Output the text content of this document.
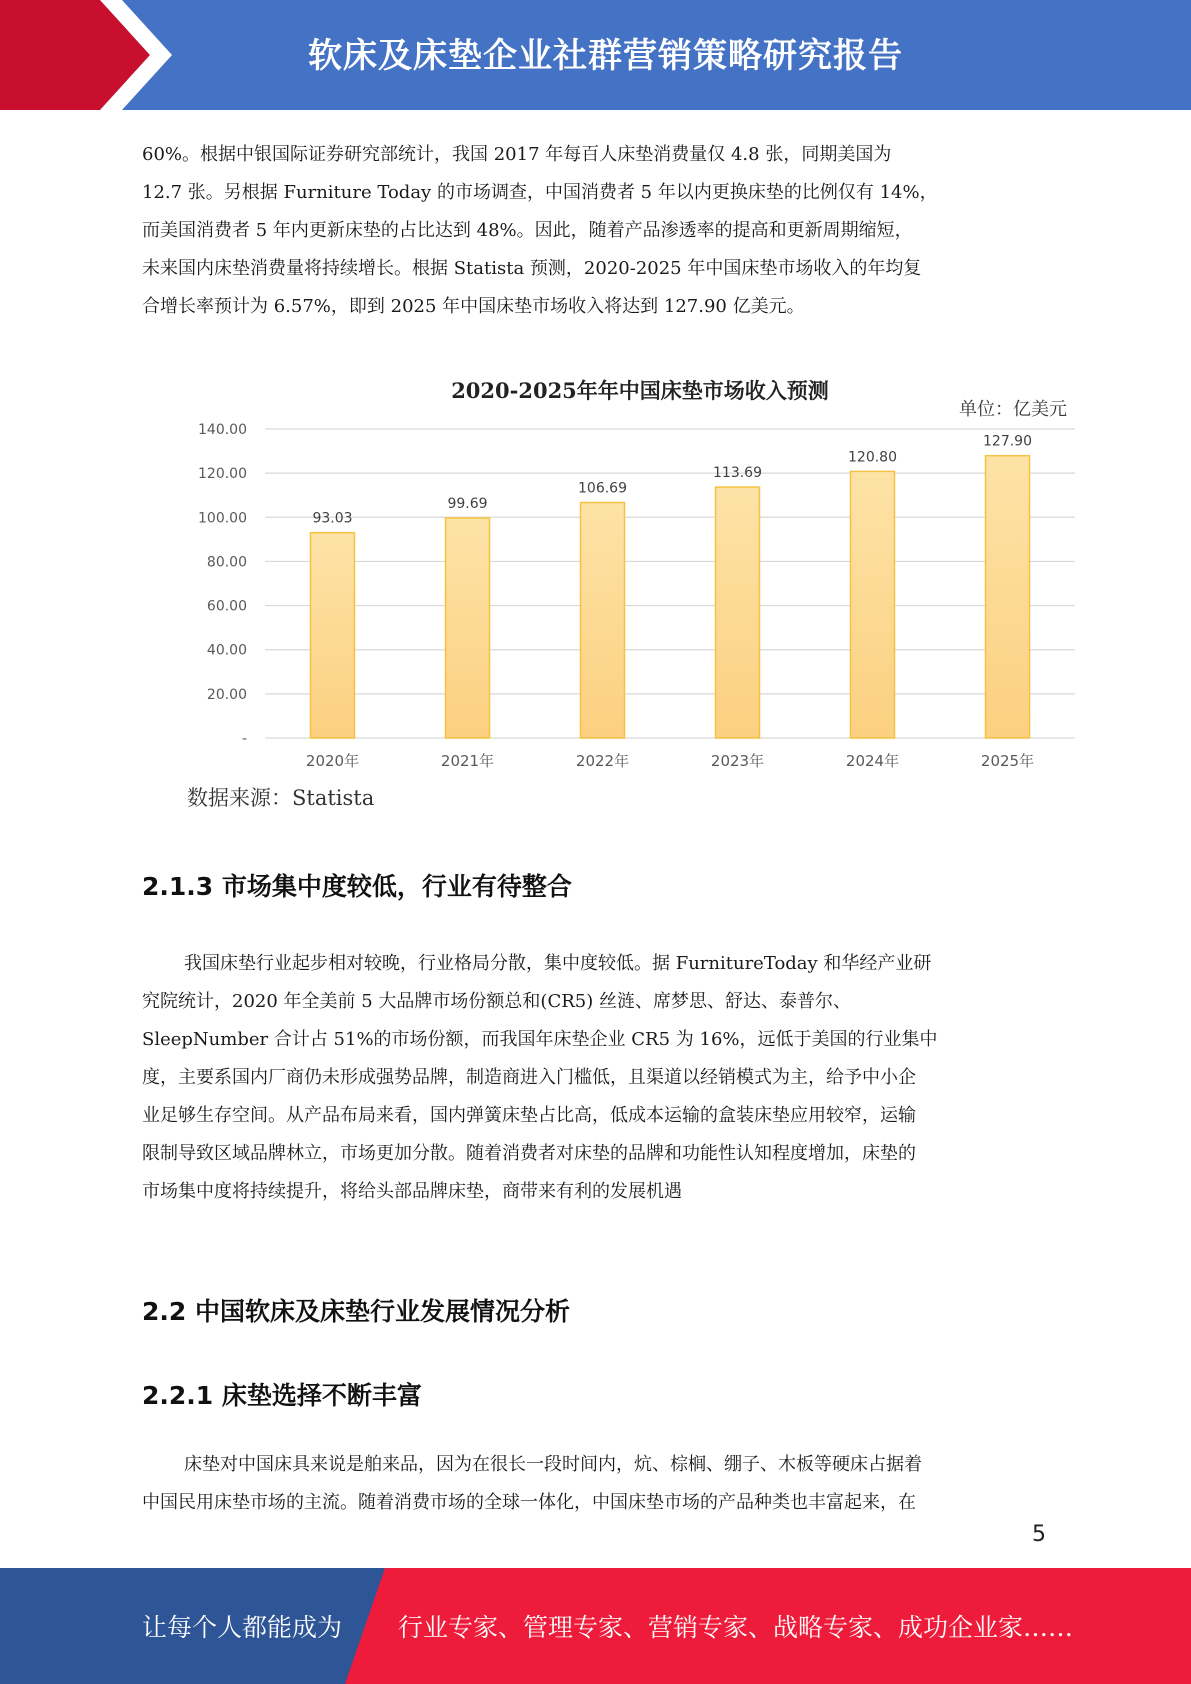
软床及床垫企业社群营销策略研究报告
60%。根据中银国际证券研究部统计，我国 2017 年每百人床垫消费量仅 4.8 张，同期美国为
12.7 张。另根据 Furniture Today 的市场调查，中国消费者 5 年以内更换床垫的比例仅有 14%，
而美国消费者 5 年内更新床垫的占比达到 48%。因此，随着产品渗透率的提高和更新周期缩短，
未来国内床垫消费量将持续增长。根据 Statista 预测，2020-2025 年中国床垫市场收入的年均复
合增长率预计为 6.57%，即到 2025 年中国床垫市场收入将达到 127.90 亿美元。
2020-2025年年中国床垫市场收入预测
单位：亿美元
-
20.00
40.00
60.00
80.00
100.00
120.00
140.00
93.03
2020年
99.69
2021年
106.69
2022年
113.69
2023年
120.80
2024年
127.90
2025年
数据来源：Statista
2.1.3 市场集中度较低，行业有待整合
我国床垫行业起步相对较晚，行业格局分散，集中度较低。据 FurnitureToday 和华经产业研
究院统计，2020 年全美前 5 大品牌市场份额总和(CR5) 丝涟、席梦思、舒达、泰普尔、
SleepNumber 合计占 51%的市场份额，而我国年床垫企业 CR5 为 16%，远低于美国的行业集中
度，主要系国内厂商仍未形成强势品牌，制造商进入门槛低，且渠道以经销模式为主，给予中小企
业足够生存空间。从产品布局来看，国内弹簧床垫占比高，低成本运输的盒装床垫应用较窄，运输
限制导致区域品牌林立，市场更加分散。随着消费者对床垫的品牌和功能性认知程度增加，床垫的
市场集中度将持续提升，将给头部品牌床垫，商带来有利的发展机遇
2.2 中国软床及床垫行业发展情况分析
2.2.1 床垫选择不断丰富
床垫对中国床具来说是舶来品，因为在很长一段时间内，炕、棕榈、绷子、木板等硬床占据着
中国民用床垫市场的主流。随着消费市场的全球一体化，中国床垫市场的产品种类也丰富起来，在
5
让每个人都能成为 行业专家、管理专家、营销专家、战略专家、成功企业家……
